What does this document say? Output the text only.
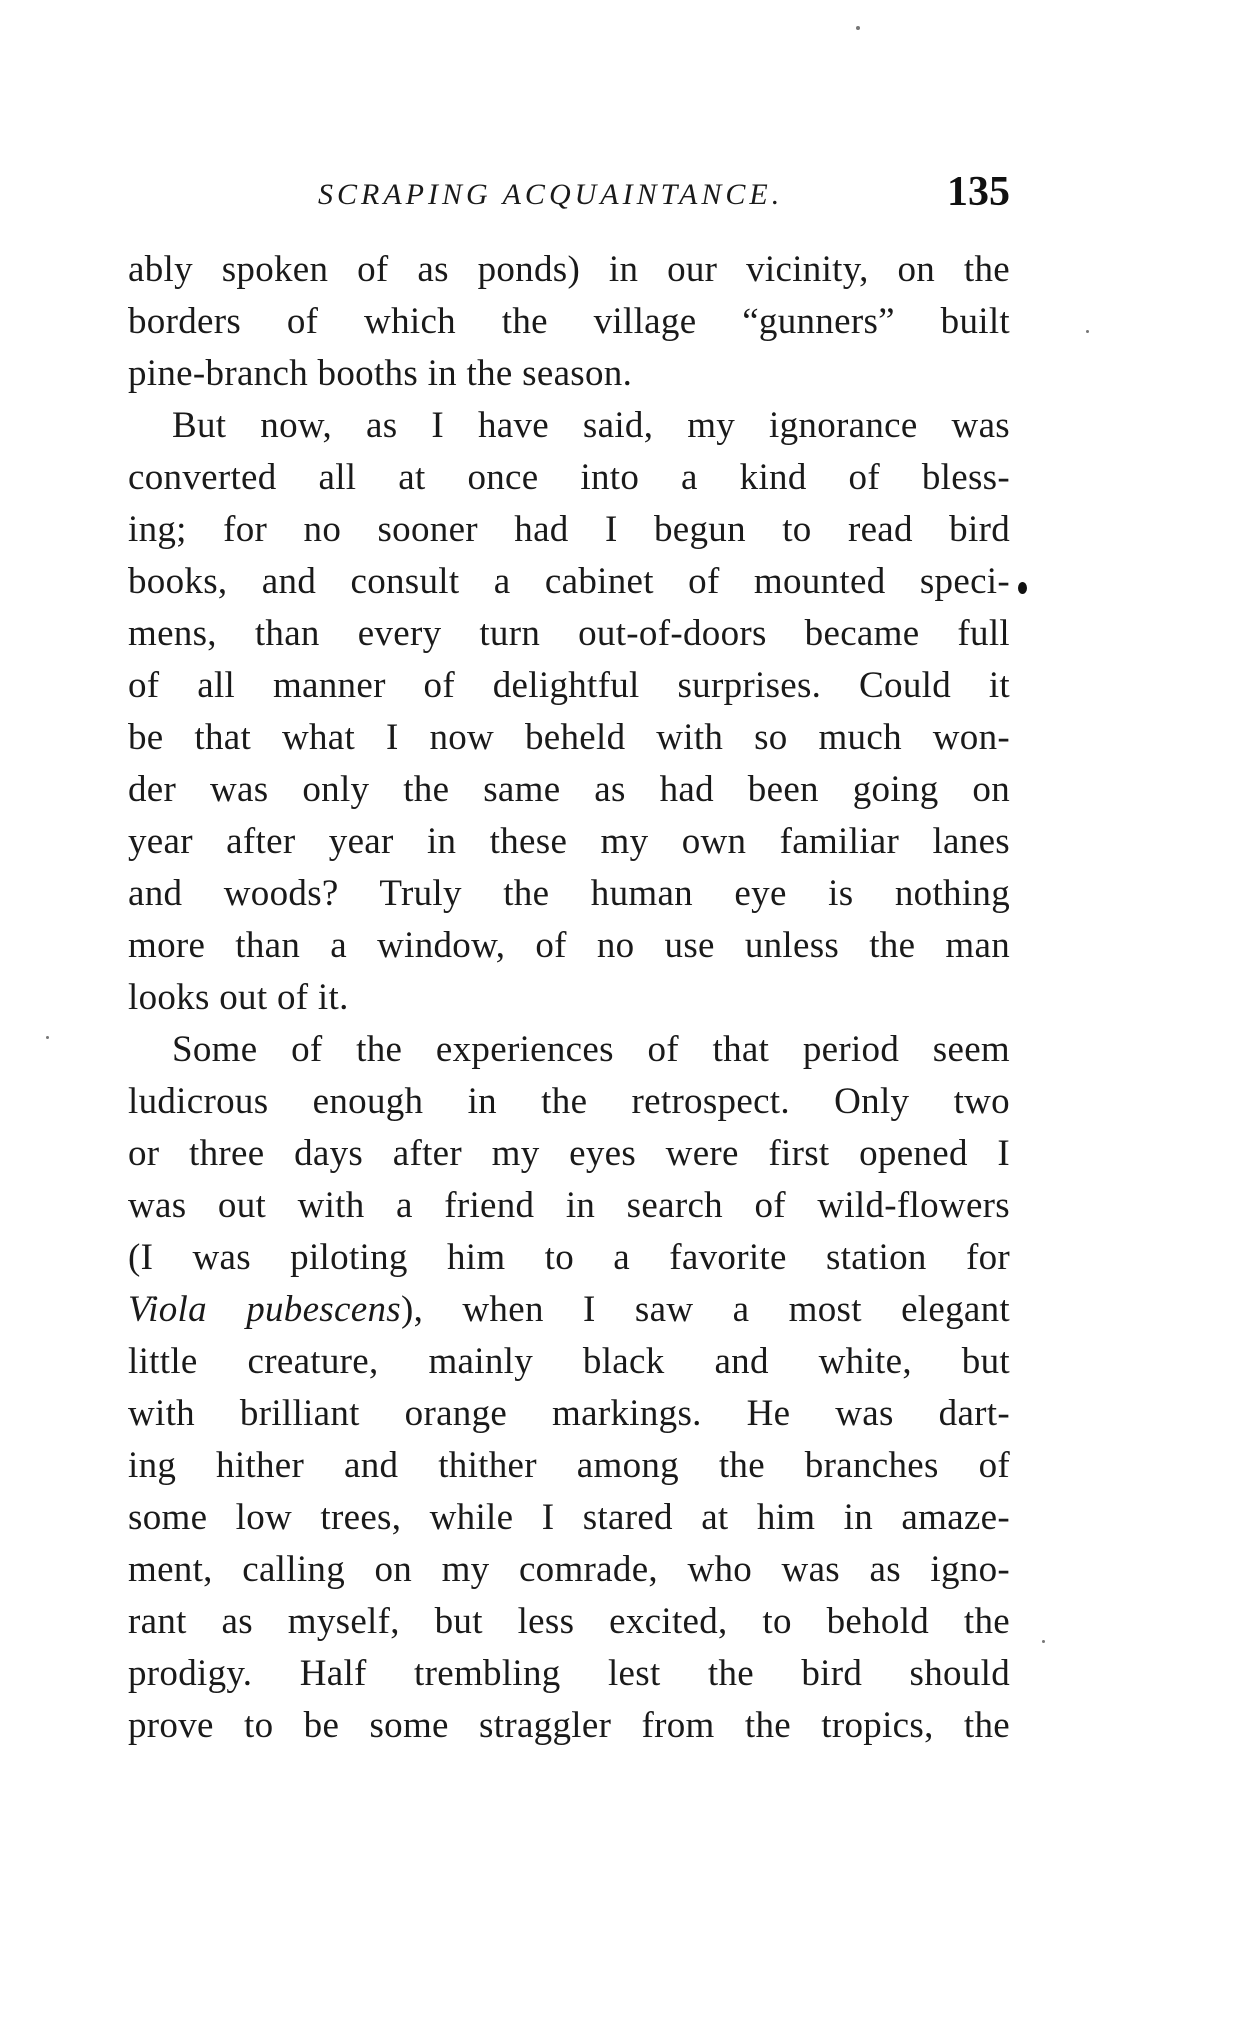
SCRAPING ACQUAINTANCE.	135
ably spoken of as ponds) in our vicinity, on the
borders of which the village “gunners” built
pine-branch booths in the season.
But now, as I have said, my ignorance was
converted all at once into a kind of bless-
ing; for no sooner had I begun to read bird
books, and consult a cabinet of mounted speci-
mens, than every turn out-of-doors became full
of all manner of delightful surprises. Could it
be that what I now beheld with so much won-
der was only the same as had been going on
year after year in these my own familiar lanes
and woods? Truly the human eye is nothing
more than a window, of no use unless the man
looks out of it.
Some of the experiences of that period seem
ludicrous enough in the retrospect. Only two
or three days after my eyes were first opened I
was out with a friend in search of wild-flowers
(I was piloting him to a favorite station for
Viola pubescens), when I saw a most elegant
little creature, mainly black and white, but
with brilliant orange markings. He was dart-
ing hither and thither among the branches of
some low trees, while I stared at him in amaze-
ment, calling on my comrade, who was as igno-
rant as myself, but less excited, to behold the
prodigy. Half trembling lest the bird should
prove to be some straggler from the tropics, the
